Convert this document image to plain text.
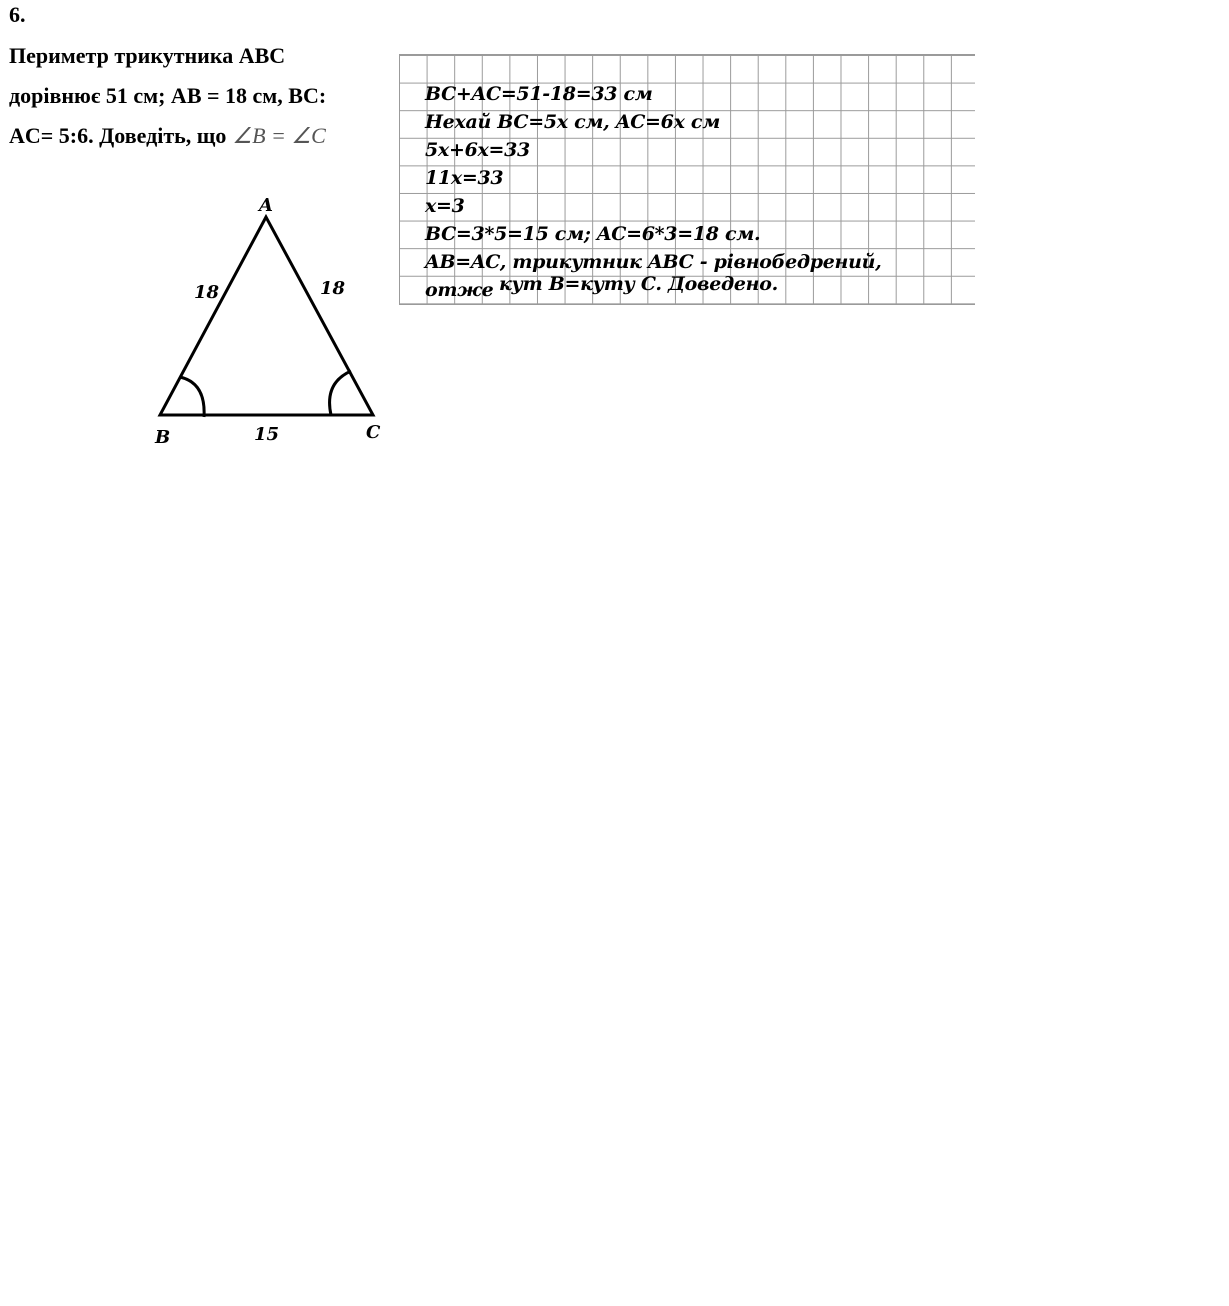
6.
Периметр трикутника ABC
дорівнює 51 см; AB = 18 см, BC:
AC= 5:6. Доведіть, що ∠B = ∠C
A
B	C
18	18
15
BC+AC=51-18=33 см
Нехай BC=5x см, AC=6x см
5x+6x=33
11x=33
x=3
BC=3*5=15 см; AC=6*3=18 см.
AB=AC, трикутник ABC - рівнобедрений,
отже кут B=куту C. Доведено.
